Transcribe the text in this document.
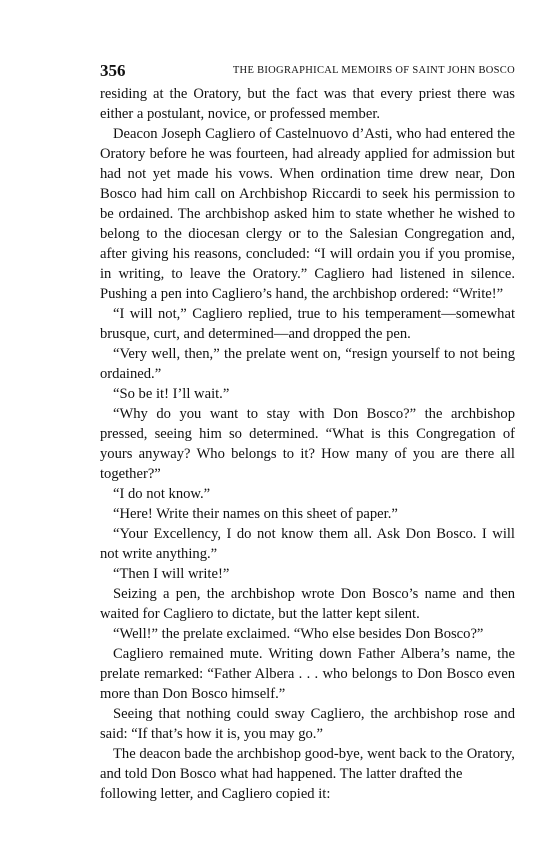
356	THE BIOGRAPHICAL MEMOIRS OF SAINT JOHN BOSCO

residing at the Oratory, but the fact was that every priest there was either a postulant, novice, or professed member.

Deacon Joseph Cagliero of Castelnuovo d’Asti, who had entered the Oratory before he was fourteen, had already applied for admission but had not yet made his vows. When ordination time drew near, Don Bosco had him call on Archbishop Riccardi to seek his permission to be ordained. The archbishop asked him to state whether he wished to belong to the diocesan clergy or to the Salesian Congregation and, after giving his reasons, concluded: “I will ordain you if you promise, in writing, to leave the Oratory.” Cagliero had listened in silence. Pushing a pen into Cagliero’s hand, the archbishop ordered: “Write!”

“I will not,” Cagliero replied, true to his temperament—somewhat brusque, curt, and determined—and dropped the pen.

“Very well, then,” the prelate went on, “resign yourself to not being ordained.”

“So be it! I’ll wait.”

“Why do you want to stay with Don Bosco?” the archbishop pressed, seeing him so determined. “What is this Congregation of yours anyway? Who belongs to it? How many of you are there all together?”

“I do not know.”

“Here! Write their names on this sheet of paper.”

“Your Excellency, I do not know them all. Ask Don Bosco. I will not write anything.”

“Then I will write!”

Seizing a pen, the archbishop wrote Don Bosco’s name and then waited for Cagliero to dictate, but the latter kept silent.

“Well!” the prelate exclaimed. “Who else besides Don Bosco?”

Cagliero remained mute. Writing down Father Albera’s name, the prelate remarked: “Father Albera . . . who belongs to Don Bosco even more than Don Bosco himself.”

Seeing that nothing could sway Cagliero, the archbishop rose and said: “If that’s how it is, you may go.”

The deacon bade the archbishop good-bye, went back to the Oratory, and told Don Bosco what had happened. The latter drafted the following letter, and Cagliero copied it:
